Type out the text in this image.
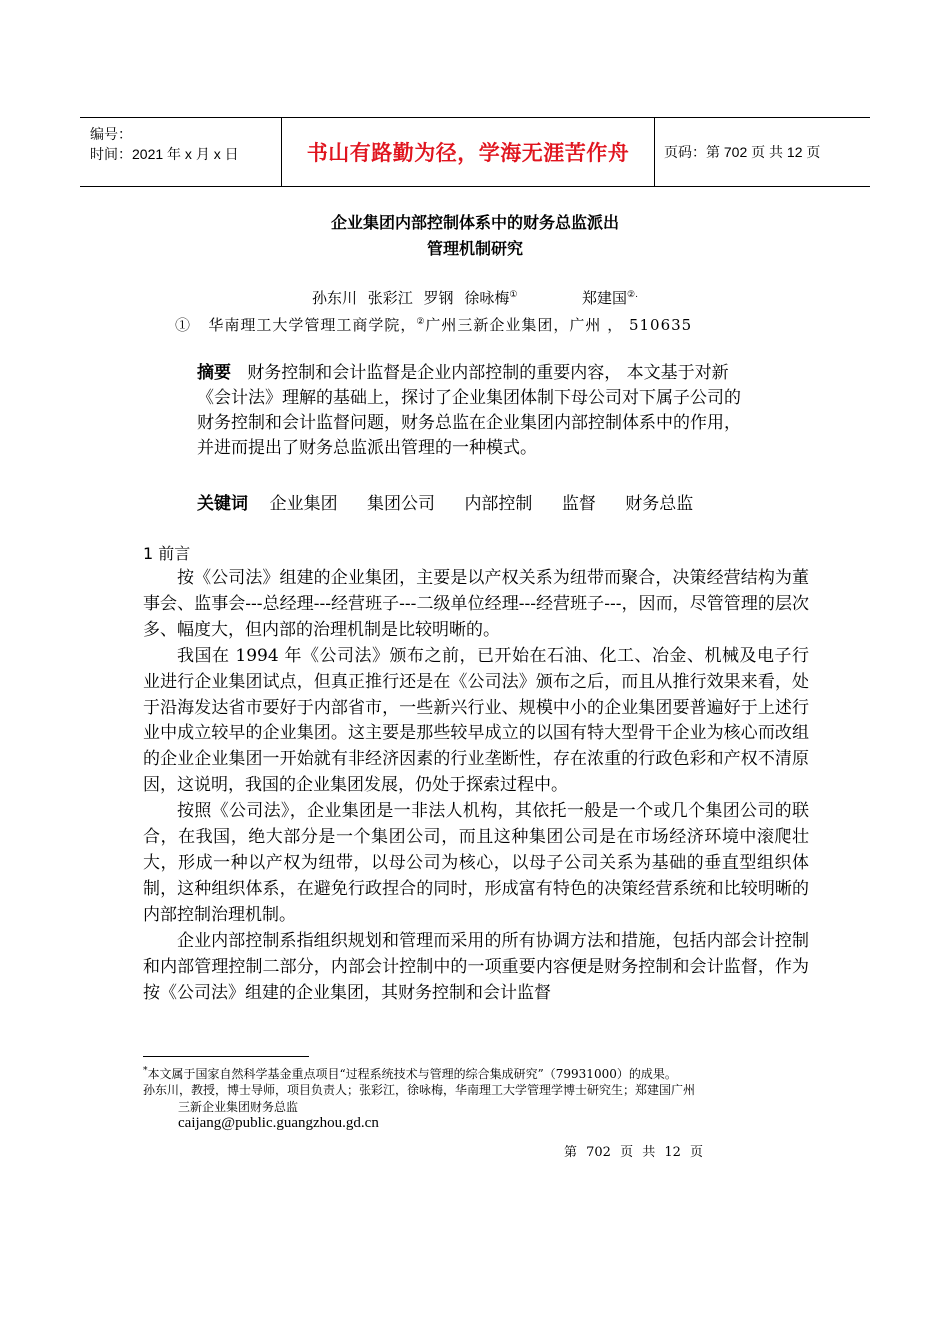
编号：
时间：2021 年 x 月 x 日	书山有路勤为径，学海无涯苦作舟 页码：第 702 页 共 12 页
企业集团内部控制体系中的财务总监派出
管理机制研究
孙东川 张彩江 罗钢 徐咏梅①	郑建国②.
① 华南理工大学管理工商学院，②广州三新企业集团，广州 ， 510635
摘要 财务控制和会计监督是企业内部控制的重要内容， 本文基于对新《会计法》理解的基础上，探讨了企业集团体制下母公司对下属子公司的财务控制和会计监督问题，财务总监在企业集团内部控制体系中的作用，并进而提出了财务总监派出管理的一种模式。
关键词 企业集团 集团公司 内部控制 监督 财务总监
1 前言

按《公司法》组建的企业集团，主要是以产权关系为纽带而聚合，决策经营结构为董事会、监事会---总经理---经营班子---二级单位经理---经营班子---，因而，尽管管理的层次多、幅度大，但内部的治理机制是比较明晰的。

我国在 1994 年《公司法》颁布之前，已开始在石油、化工、冶金、机械及电子行业进行企业集团试点，但真正推行还是在《公司法》颁布之后，而且从推行效果来看，处于沿海发达省市要好于内部省市，一些新兴行业、规模中小的企业集团要普遍好于上述行业中成立较早的企业集团。这主要是那些较早成立的以国有特大型骨干企业为核心而改组的企业企业集团一开始就有非经济因素的行业垄断性，存在浓重的行政色彩和产权不清原因，这说明，我国的企业集团发展，仍处于探索过程中。

按照《公司法》，企业集团是一非法人机构，其依托一般是一个或几个集团公司的联合，在我国，绝大部分是一个集团公司，而且这种集团公司是在市场经济环境中滚爬壮大，形成一种以产权为纽带，以母公司为核心，以母子公司关系为基础的垂直型组织体制，这种组织体系，在避免行政捏合的同时，形成富有特色的决策经营系统和比较明晰的内部控制治理机制。

企业内部控制系指组织规划和管理而采用的所有协调方法和措施，包括内部会计控制和内部管理控制二部分，内部会计控制中的一项重要内容便是财务控制和会计监督，作为按《公司法》组建的企业集团，其财务控制和会计监督

*本文属于国家自然科学基金重点项目“过程系统技术与管理的综合集成研究”（79931000）的成果。
孙东川，教授，博士导师，项目负责人；张彩江，徐咏梅，华南理工大学管理学博士研究生；郑建国广州
三新企业集团财务总监
caijang@public.guangzhou.gd.cn
第 702 页 共 12 页
